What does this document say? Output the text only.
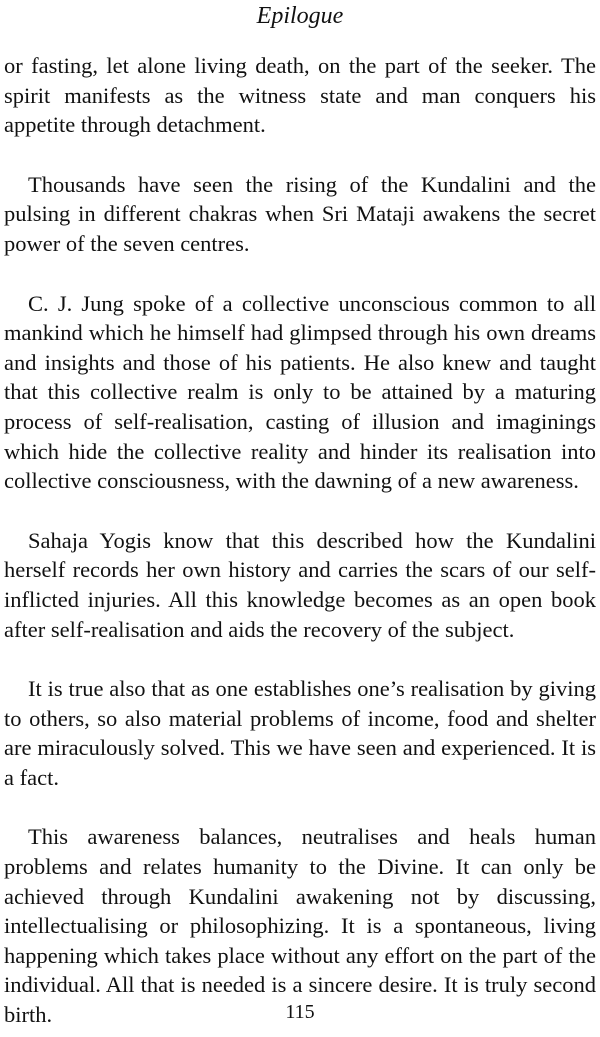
Epilogue

or fasting, let alone living death, on the part of the seeker. The spirit manifests as the witness state and man conquers his appetite through detachment.

Thousands have seen the rising of the Kundalini and the pulsing in different chakras when Sri Mataji awakens the secret power of the seven centres.

C. J. Jung spoke of a collective unconscious common to all mankind which he himself had glimpsed through his own dreams and insights and those of his patients. He also knew and taught that this collective realm is only to be attained by a maturing process of self-realisation, casting of illusion and imaginings which hide the collective reality and hinder its realisation into collective consciousness, with the dawning of a new awareness.

Sahaja Yogis know that this described how the Kundalini herself records her own history and carries the scars of our self-inflicted injuries. All this knowledge becomes as an open book after self-realisation and aids the recovery of the subject.

It is true also that as one establishes one’s realisation by giving to others, so also material problems of income, food and shelter are miraculously solved. This we have seen and experienced. It is a fact.

This awareness balances, neutralises and heals human problems and relates humanity to the Divine. It can only be achieved through Kundalini awakening not by discussing, intellectualising or philosophizing. It is a spontaneous, living happening which takes place without any effort on the part of the individual. All that is needed is a sincere desire. It is truly second birth.	115
